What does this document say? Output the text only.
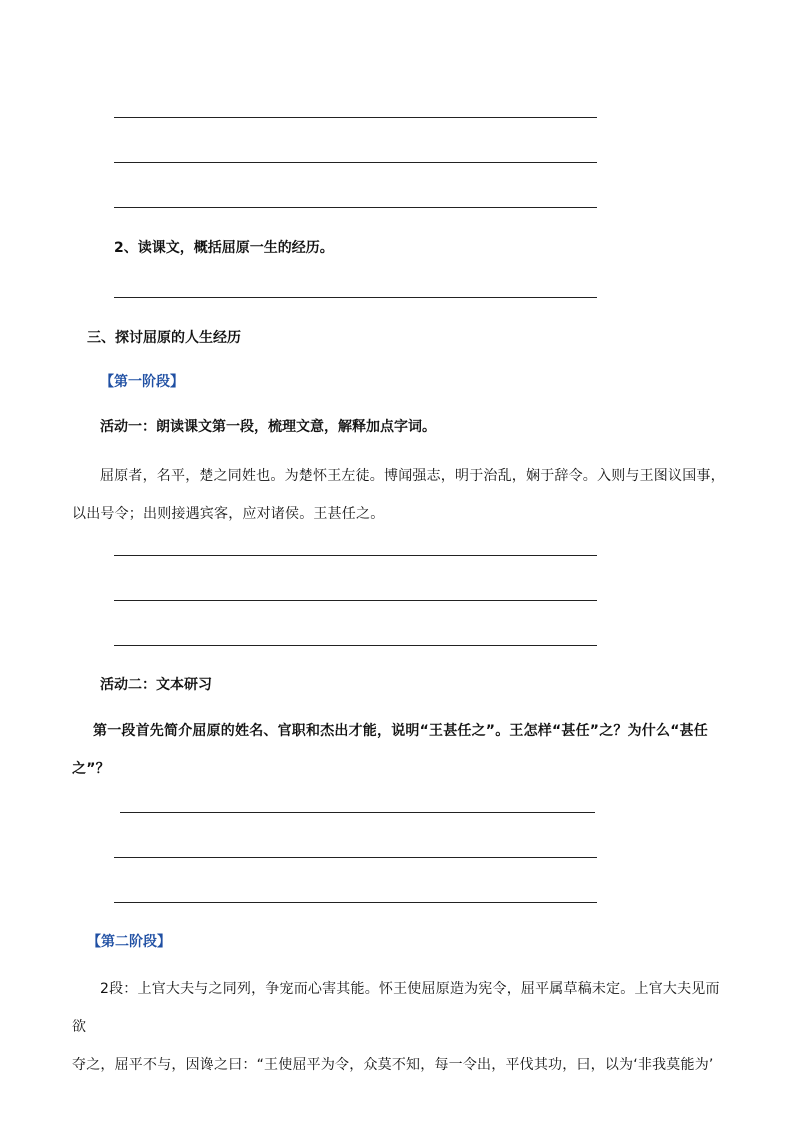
2、读课文，概括屈原一生的经历。
三、探讨屈原的人生经历
【第一阶段】
活动一：朗读课文第一段，梳理文意，解释加点字词。
屈原者，名平，楚之同姓也。为楚怀王左徒。博闻强志，明于治乱，娴于辞令。入则与王图议国事，
以出号令；出则接遇宾客，应对诸侯。王甚任之。
活动二：文本研习
第一段首先简介屈原的姓名、官职和杰出才能，说明“王甚任之”。王怎样“甚任”之？为什么“甚任
之”？
【第二阶段】
2段：上官大夫与之同列，争宠而心害其能。怀王使屈原造为宪令，屈平属草稿未定。上官大夫见而欲
夺之，屈平不与，因谗之曰：“王使屈平为令，众莫不知，每一令出，平伐其功，曰，以为‘非我莫能为’
